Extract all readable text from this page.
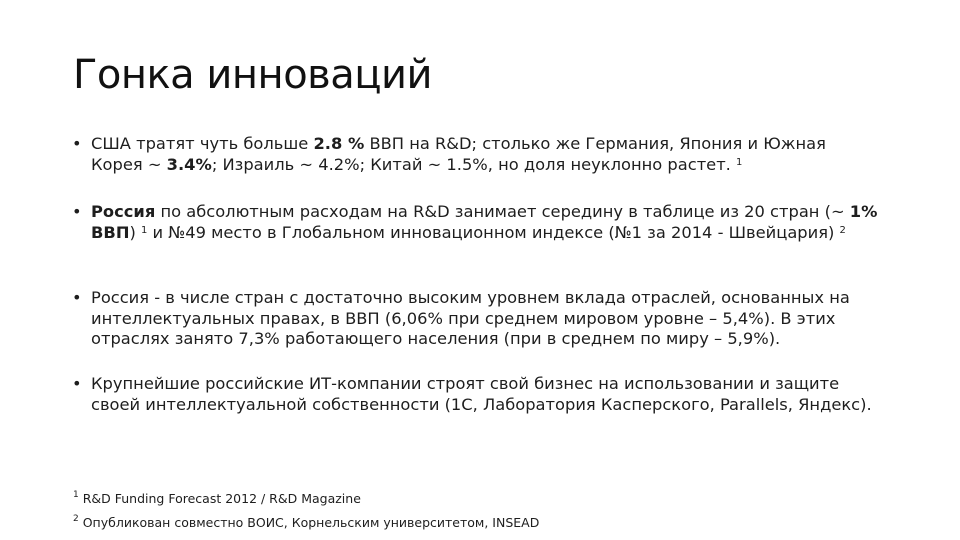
Гонка инноваций
• США тратят чуть больше 2.8 % ВВП на R&D; столько же Германия, Япония и Южная Корея ~ 3.4%; Израиль ~ 4.2%; Китай ~ 1.5%, но доля неуклонно растет. $^1$
• Россия по абсолютным расходам на R&D занимает середину в таблице из 20 стран (~ 1% ВВП) $^1$ и №49 место в Глобальном инновационном индексе (№1 за 2014 - Швейцария) $^2$
• Россия - в числе стран с достаточно высоким уровнем вклада отраслей, основанных на интеллектуальных правах, в ВВП (6,06% при среднем мировом уровне – 5,4%). В этих отраслях занято 7,3% работающего населения (при в среднем по миру – 5,9%).
• Крупнейшие российские ИТ-компании строят свой бизнес на использовании и защите своей интеллектуальной собственности (1С, Лаборатория Касперского, Parallels, Яндекс).
$^1$ R&D Funding Forecast 2012 / R&D Magazine
$^2$ Опубликован совместно ВОИС, Корнельским университетом, INSEAD
